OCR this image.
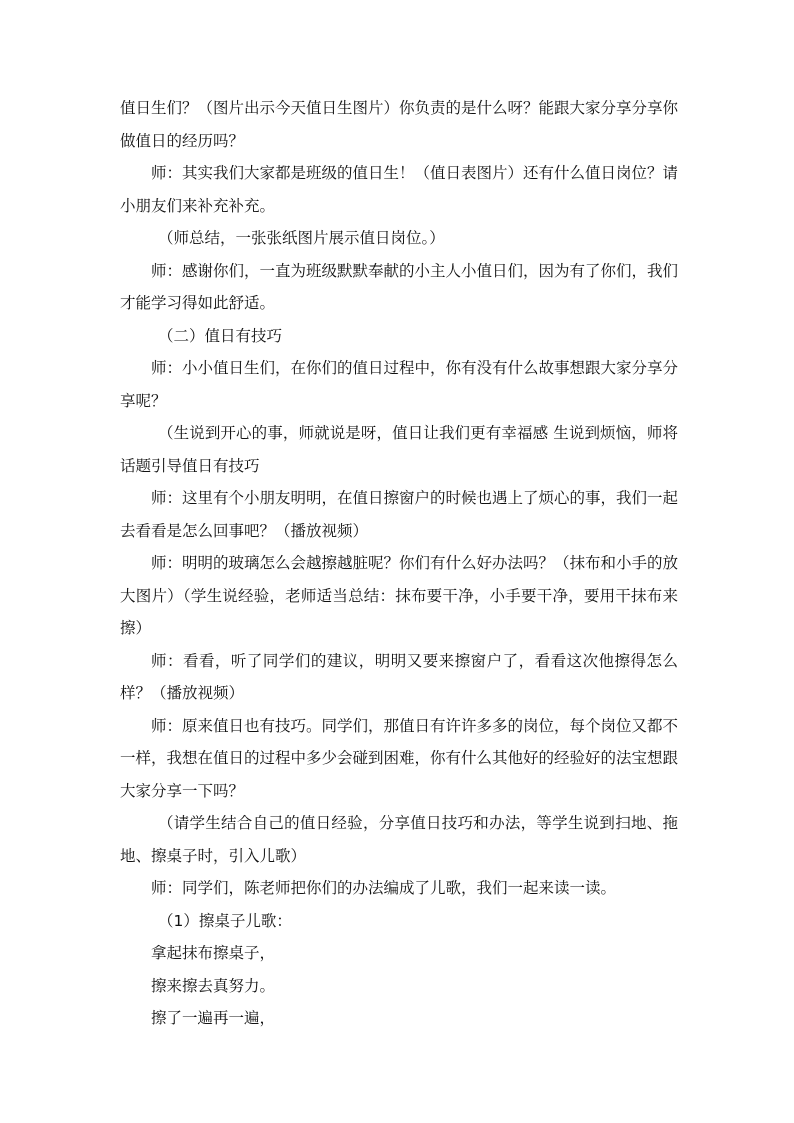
值日生们？（图片出示今天值日生图片）你负责的是什么呀？能跟大家分享分享你做值日的经历吗？

师：其实我们大家都是班级的值日生！（值日表图片）还有什么值日岗位？请小朋友们来补充补充。

（师总结，一张张纸图片展示值日岗位。）

师：感谢你们，一直为班级默默奉献的小主人小值日们，因为有了你们，我们才能学习得如此舒适。

（二）值日有技巧

师：小小值日生们，在你们的值日过程中，你有没有什么故事想跟大家分享分享呢？

（生说到开心的事，师就说是呀，值日让我们更有幸福感 生说到烦恼，师将话题引导值日有技巧

师：这里有个小朋友明明，在值日擦窗户的时候也遇上了烦心的事，我们一起去看看是怎么回事吧？（播放视频）

师：明明的玻璃怎么会越擦越脏呢？你们有什么好办法吗？（抹布和小手的放大图片）（学生说经验，老师适当总结：抹布要干净，小手要干净，要用干抹布来擦）

师：看看，听了同学们的建议，明明又要来擦窗户了，看看这次他擦得怎么样？（播放视频）

师：原来值日也有技巧。同学们，那值日有许许多多的岗位，每个岗位又都不一样，我想在值日的过程中多少会碰到困难，你有什么其他好的经验好的法宝想跟大家分享一下吗？

（请学生结合自己的值日经验，分享值日技巧和办法，等学生说到扫地、拖地、擦桌子时，引入儿歌）

师：同学们，陈老师把你们的办法编成了儿歌，我们一起来读一读。

（1）擦桌子儿歌：

拿起抹布擦桌子，

擦来擦去真努力。

擦了一遍再一遍，
